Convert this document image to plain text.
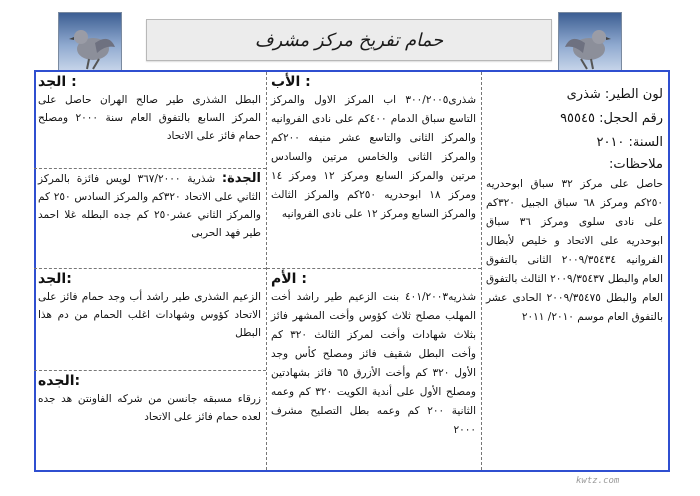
حمام تفريخ مركز مشرف
لون الطير: شذرى
رقم الحجل: ٩٥٥٤٥
السنة: ٢٠١٠
ملاحظات:
حاصل على مركز ٣٢ سباق ابوحدريه ٢٥٠كم ومركز ٦٨ سباق الجبيل ٣٢٠كم على نادى سلوى ومركز ٣٦ سباق ابوحدريه على الاتحاد و خليص لأبطال الفروانيه ٢٠٠٩/٣٥٤٣٤ الثانى بالتفوق العام والبطل ٢٠٠٩/٣٥٤٣٧ الثالث بالتفوق العام والبطل ٢٠٠٩/٣٥٤٧٥ الحادى عشر بالتفوق العام موسم ٢٠١٠/ ٢٠١١
الأب :
شذرى٣٠٠/٢٠٠٥ اب المركز الاول والمركز التاسع سباق الدمام ٤٠٠كم على نادى الفروانيه والمركز الثانى والتاسع عشر منيفه ٢٠٠كم والمركز الثانى والخامس مرتين والسادس مرتين والمركز السابع ومركز ١٢ ومركز ١٤ ومركز ١٨ ابوحدريه ٢٥٠كم والمركز الثالث والمركز السابع ومركز ١٢ على نادى الفروانيه
الأم :
شذريه٤٠١/٢٠٠٣ بنت الزعيم طير راشد أخت المهلب مصلح ثلاث كؤوس وأخت المشهر فائز بثلاث شهادات وأخت لمركز الثالث ٣٢٠ كم وأخت البطل شقيف فائز ومصلح كأس وجد الأول ٣٢٠ كم وأخت الأزرق ٦٥ فائز بشهادتين ومصلح الأول على أندية الكويت ٣٢٠ كم وعمه الثانية ٢٠٠ كم وعمه بطل التصليح مشرف ٢٠٠٠
الجد :
البطل الشذرى طير صالح الهران حاصل على المركز السابع بالتفوق العام سنة ٢٠٠٠ ومصلح حمام فائز على الاتحاد
الجدة: شذرية ٣٦٧/٢٠٠٠ لويس فائزة بالمركز الثاني على الاتحاد ٣٢٠كم والمركز السادس ٢٥٠ كم والمركز الثاني عشر٢٥٠ كم جده البطله غلا احمد طير فهد الحربى
الجد:
الزعيم الشذرى طير راشد أب وجد حمام فائز على الاتحاد كؤوس وشهادات اغلب الحمام من دم هذا البطل
الجده:
زرقاء مسبقه جانسن من شركه الفاونتن هد جده لعده حمام فائز على الاتحاد
kwtz.com
